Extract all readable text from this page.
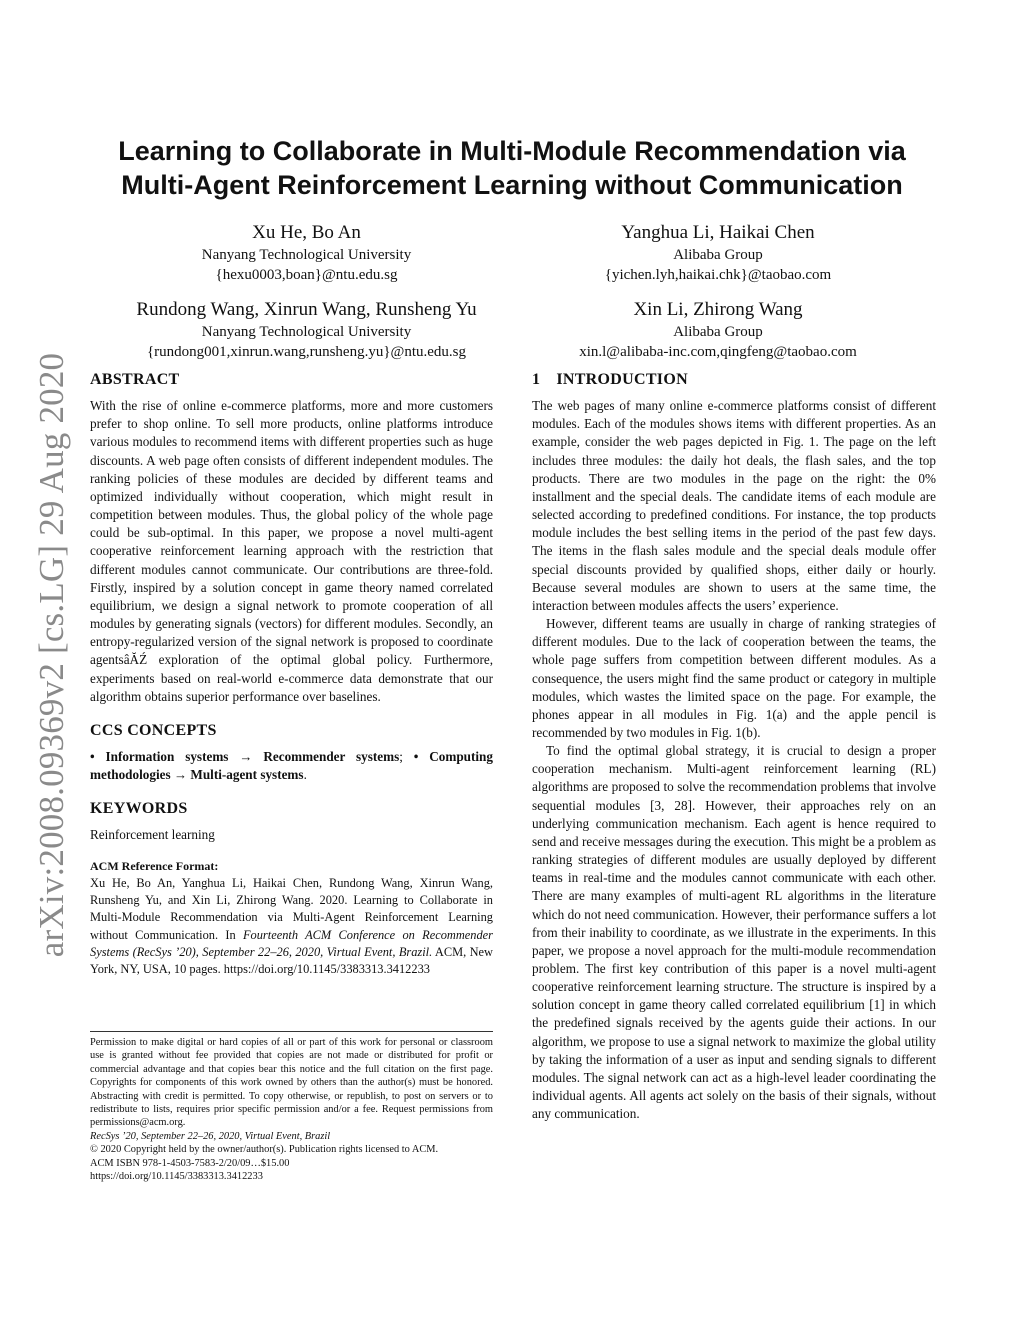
arXiv:2008.09369v2 [cs.LG] 29 Aug 2020
Learning to Collaborate in Multi-Module Recommendation via
Multi-Agent Reinforcement Learning without Communication
Xu He, Bo An
Nanyang Technological University
{hexu0003,boan}@ntu.edu.sg
Yanghua Li, Haikai Chen
Alibaba Group
{yichen.lyh,haikai.chk}@taobao.com
Rundong Wang, Xinrun Wang, Runsheng Yu
Nanyang Technological University
{rundong001,xinrun.wang,runsheng.yu}@ntu.edu.sg
Xin Li, Zhirong Wang
Alibaba Group
xin.l@alibaba-inc.com,qingfeng@taobao.com
ABSTRACT

With the rise of online e-commerce platforms, more and more customers prefer to shop online. To sell more products, online platforms introduce various modules to recommend items with different properties such as huge discounts. A web page often consists of different independent modules. The ranking policies of these modules are decided by different teams and optimized individually without cooperation, which might result in competition between modules. Thus, the global policy of the whole page could be sub-optimal. In this paper, we propose a novel multi-agent cooperative reinforcement learning approach with the restriction that different modules cannot communicate. Our contributions are three-fold. Firstly, inspired by a solution concept in game theory named correlated equilibrium, we design a signal network to promote cooperation of all modules by generating signals (vectors) for different modules. Secondly, an entropy-regularized version of the signal network is proposed to coordinate agentsâĂŹ exploration of the optimal global policy. Furthermore, experiments based on real-world e-commerce data demonstrate that our algorithm obtains superior performance over baselines.

CCS CONCEPTS

• Information systems → Recommender systems; • Computing methodologies → Multi-agent systems.

KEYWORDS

Reinforcement learning

ACM Reference Format:

Xu He, Bo An, Yanghua Li, Haikai Chen, Rundong Wang, Xinrun Wang, Runsheng Yu, and Xin Li, Zhirong Wang. 2020. Learning to Collaborate in Multi-Module Recommendation via Multi-Agent Reinforcement Learning without Communication. In Fourteenth ACM Conference on Recommender Systems (RecSys ’20), September 22–26, 2020, Virtual Event, Brazil. ACM, New York, NY, USA, 10 pages. https://doi.org/10.1145/3383313.3412233

Permission to make digital or hard copies of all or part of this work for personal or classroom use is granted without fee provided that copies are not made or distributed for profit or commercial advantage and that copies bear this notice and the full citation on the first page. Copyrights for components of this work owned by others than the author(s) must be honored. Abstracting with credit is permitted. To copy otherwise, or republish, to post on servers or to redistribute to lists, requires prior specific permission and/or a fee. Request permissions from permissions@acm.org.

RecSys ’20, September 22–26, 2020, Virtual Event, Brazil

© 2020 Copyright held by the owner/author(s). Publication rights licensed to ACM.

ACM ISBN 978-1-4503-7583-2/20/09…$15.00

https://doi.org/10.1145/3383313.3412233

1 INTRODUCTION

The web pages of many online e-commerce platforms consist of different modules. Each of the modules shows items with different properties. As an example, consider the web pages depicted in Fig. 1. The page on the left includes three modules: the daily hot deals, the flash sales, and the top products. There are two modules in the page on the right: the 0% installment and the special deals. The candidate items of each module are selected according to predefined conditions. For instance, the top products module includes the best selling items in the period of the past few days. The items in the flash sales module and the special deals module offer special discounts provided by qualified shops, either daily or hourly. Because several modules are shown to users at the same time, the interaction between modules affects the users’ experience.

However, different teams are usually in charge of ranking strategies of different modules. Due to the lack of cooperation between the teams, the whole page suffers from competition between different modules. As a consequence, the users might find the same product or category in multiple modules, which wastes the limited space on the page. For example, the phones appear in all modules in Fig. 1(a) and the apple pencil is recommended by two modules in Fig. 1(b).

To find the optimal global strategy, it is crucial to design a proper cooperation mechanism. Multi-agent reinforcement learning (RL) algorithms are proposed to solve the recommendation problems that involve sequential modules [3, 28]. However, their approaches rely on an underlying communication mechanism. Each agent is hence required to send and receive messages during the execution. This might be a problem as ranking strategies of different modules are usually deployed by different teams in real-time and the modules cannot communicate with each other. There are many examples of multi-agent RL algorithms in the literature which do not need communication. However, their performance suffers a lot from their inability to coordinate, as we illustrate in the experiments. In this paper, we propose a novel approach for the multi-module recommendation problem. The first key contribution of this paper is a novel multi-agent cooperative reinforcement learning structure. The structure is inspired by a solution concept in game theory called correlated equilibrium [1] in which the predefined signals received by the agents guide their actions. In our algorithm, we propose to use a signal network to maximize the global utility by taking the information of a user as input and sending signals to different modules. The signal network can act as a high-level leader coordinating the individual agents. All agents act solely on the basis of their signals, without any communication.
